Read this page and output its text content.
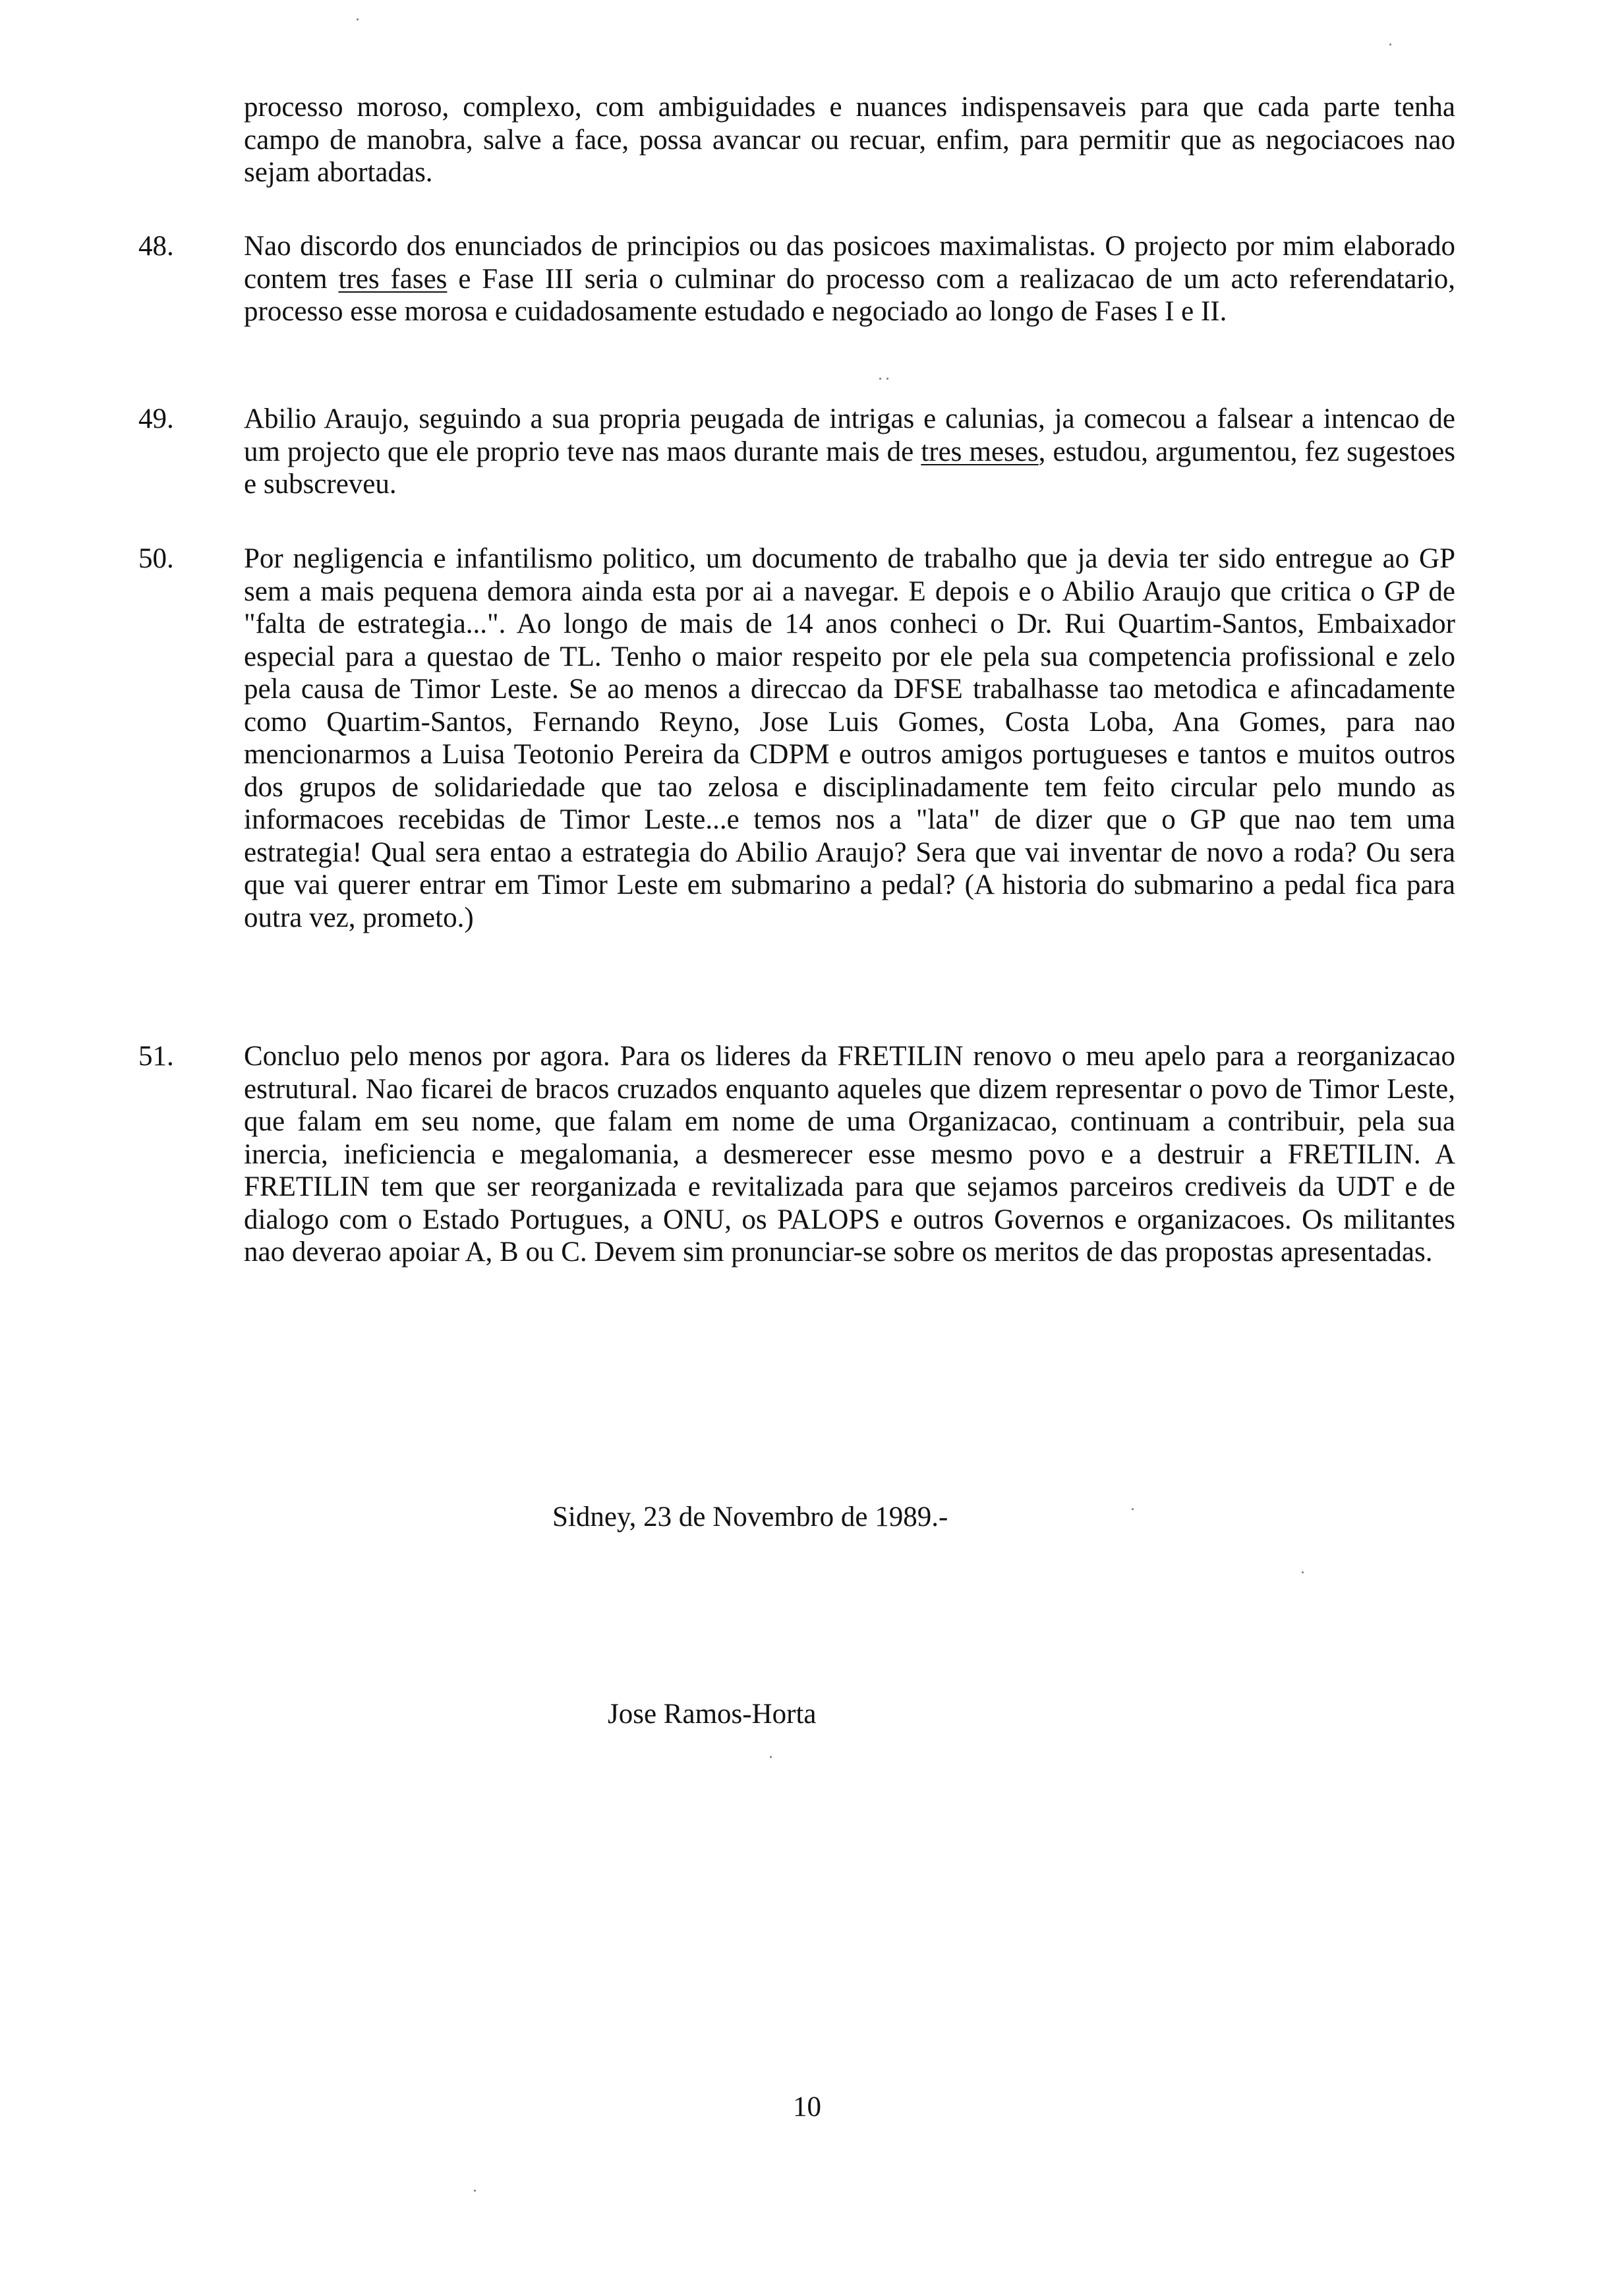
processo moroso, complexo, com ambiguidades e nuances indispensaveis para que cada parte tenha campo de manobra, salve a face, possa avancar ou recuar, enfim, para permitir que as negociacoes nao sejam abortadas.

48. Nao discordo dos enunciados de principios ou das posicoes maximalistas. O projecto por mim elaborado contem tres fases e Fase III seria o culminar do processo com a realizacao de um acto referendatario, processo esse morosa e cuidadosamente estudado e negociado ao longo de Fases I e II.

49. Abilio Araujo, seguindo a sua propria peugada de intrigas e calunias, ja comecou a falsear a intencao de um projecto que ele proprio teve nas maos durante mais de tres meses, estudou, argumentou, fez sugestoes e subscreveu.

50. Por negligencia e infantilismo politico, um documento de trabalho que ja devia ter sido entregue ao GP sem a mais pequena demora ainda esta por ai a navegar. E depois e o Abilio Araujo que critica o GP de "falta de estrategia...". Ao longo de mais de 14 anos conheci o Dr. Rui Quartim-Santos, Embaixador especial para a questao de TL. Tenho o maior respeito por ele pela sua competencia profissional e zelo pela causa de Timor Leste. Se ao menos a direccao da DFSE trabalhasse tao metodica e afincadamente como Quartim-Santos, Fernando Reyno, Jose Luis Gomes, Costa Loba, Ana Gomes, para nao mencionarmos a Luisa Teotonio Pereira da CDPM e outros amigos portugueses e tantos e muitos outros dos grupos de solidariedade que tao zelosa e disciplinadamente tem feito circular pelo mundo as informacoes recebidas de Timor Leste...e temos nos a "lata" de dizer que o GP que nao tem uma estrategia! Qual sera entao a estrategia do Abilio Araujo? Sera que vai inventar de novo a roda? Ou sera que vai querer entrar em Timor Leste em submarino a pedal? (A historia do submarino a pedal fica para outra vez, prometo.)

51. Concluo pelo menos por agora. Para os lideres da FRETILIN renovo o meu apelo para a reorganizacao estrutural. Nao ficarei de bracos cruzados enquanto aqueles que dizem representar o povo de Timor Leste, que falam em seu nome, que falam em nome de uma Organizacao, continuam a contribuir, pela sua inercia, ineficiencia e megalomania, a desmerecer esse mesmo povo e a destruir a FRETILIN. A FRETILIN tem que ser reorganizada e revitalizada para que sejamos parceiros crediveis da UDT e de dialogo com o Estado Portugues, a ONU, os PALOPS e outros Governos e organizacoes. Os militantes nao deverao apoiar A, B ou C. Devem sim pronunciar-se sobre os meritos de das propostas apresentadas.

Sidney, 23 de Novembro de 1989.-
Jose Ramos-Horta
10
